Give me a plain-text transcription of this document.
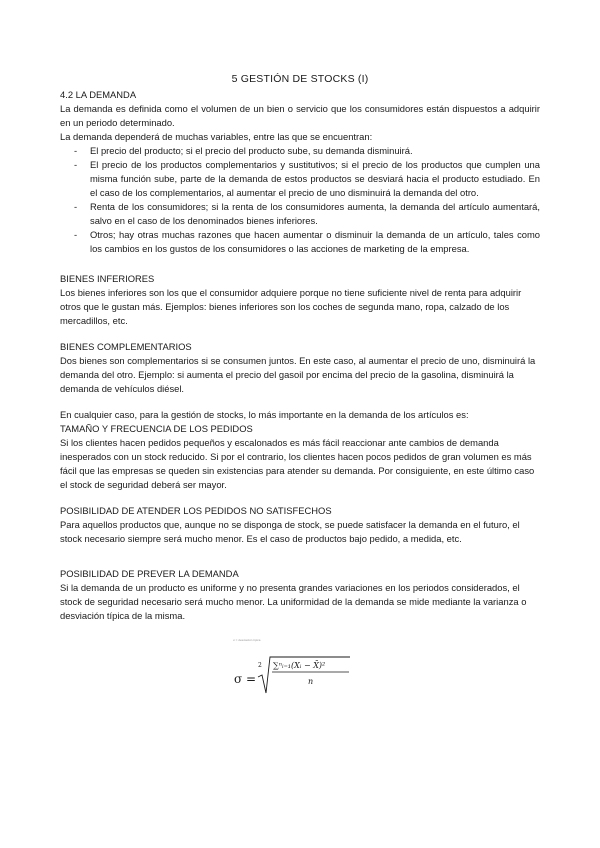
5 GESTIÓN DE STOCKS (I)

4.2 LA DEMANDA

La demanda es definida como el volumen de un bien o servicio que los consumidores están dispuestos a adquirir en un periodo determinado.

La demanda dependerá de muchas variables, entre las que se encuentran:

- El precio del producto; si el precio del producto sube, su demanda disminuirá.
- El precio de los productos complementarios y sustitutivos; si el precio de los productos que cumplen una misma función sube, parte de la demanda de estos productos se desviará hacia el producto estudiado. En el caso de los complementarios, al aumentar el precio de uno disminuirá la demanda del otro.
- Renta de los consumidores; si la renta de los consumidores aumenta, la demanda del artículo aumentará, salvo en el caso de los denominados bienes inferiores.
- Otros; hay otras muchas razones que hacen aumentar o disminuir la demanda de un artículo, tales como los cambios en los gustos de los consumidores o las acciones de marketing de la empresa.

BIENES INFERIORES

Los bienes inferiores son los que el consumidor adquiere porque no tiene suficiente nivel de renta para adquirir otros que le gustan más. Ejemplos: bienes inferiores son los coches de segunda mano, ropa, calzado de los mercadillos, etc.

BIENES COMPLEMENTARIOS

Dos bienes son complementarios si se consumen juntos. En este caso, al aumentar el precio de uno, disminuirá la demanda del otro. Ejemplo: si aumenta el precio del gasoil por encima del precio de la gasolina, disminuirá la demanda de vehículos diésel.

En cualquier caso, para la gestión de stocks, lo más importante en la demanda de los artículos es:

TAMAÑO Y FRECUENCIA DE LOS PEDIDOS

Si los clientes hacen pedidos pequeños y escalonados es más fácil reaccionar ante cambios de demanda inesperados con un stock reducido. Si por el contrario, los clientes hacen pocos pedidos de gran volumen es más fácil que las empresas se queden sin existencias para atender su demanda. Por consiguiente, en este último caso el stock de seguridad deberá ser mayor.

POSIBILIDAD DE ATENDER LOS PEDIDOS NO SATISFECHOS

Para aquellos productos que, aunque no se disponga de stock, se puede satisfacer la demanda en el futuro, el stock necesario siempre será mucho menor. Es el caso de productos bajo pedido, a medida, etc.

POSIBILIDAD DE PREVER LA DEMANDA

Si la demanda de un producto es uniforme y no presenta grandes variaciones en los periodos considerados, el stock de seguridad necesario será mucho menor. La uniformidad de la demanda se mide mediante la varianza o desviación típica de la misma.

σ = desviación típica
σ =
2 ∑ⁿᵢ₌₁(Xᵢ − X̄)²
n
